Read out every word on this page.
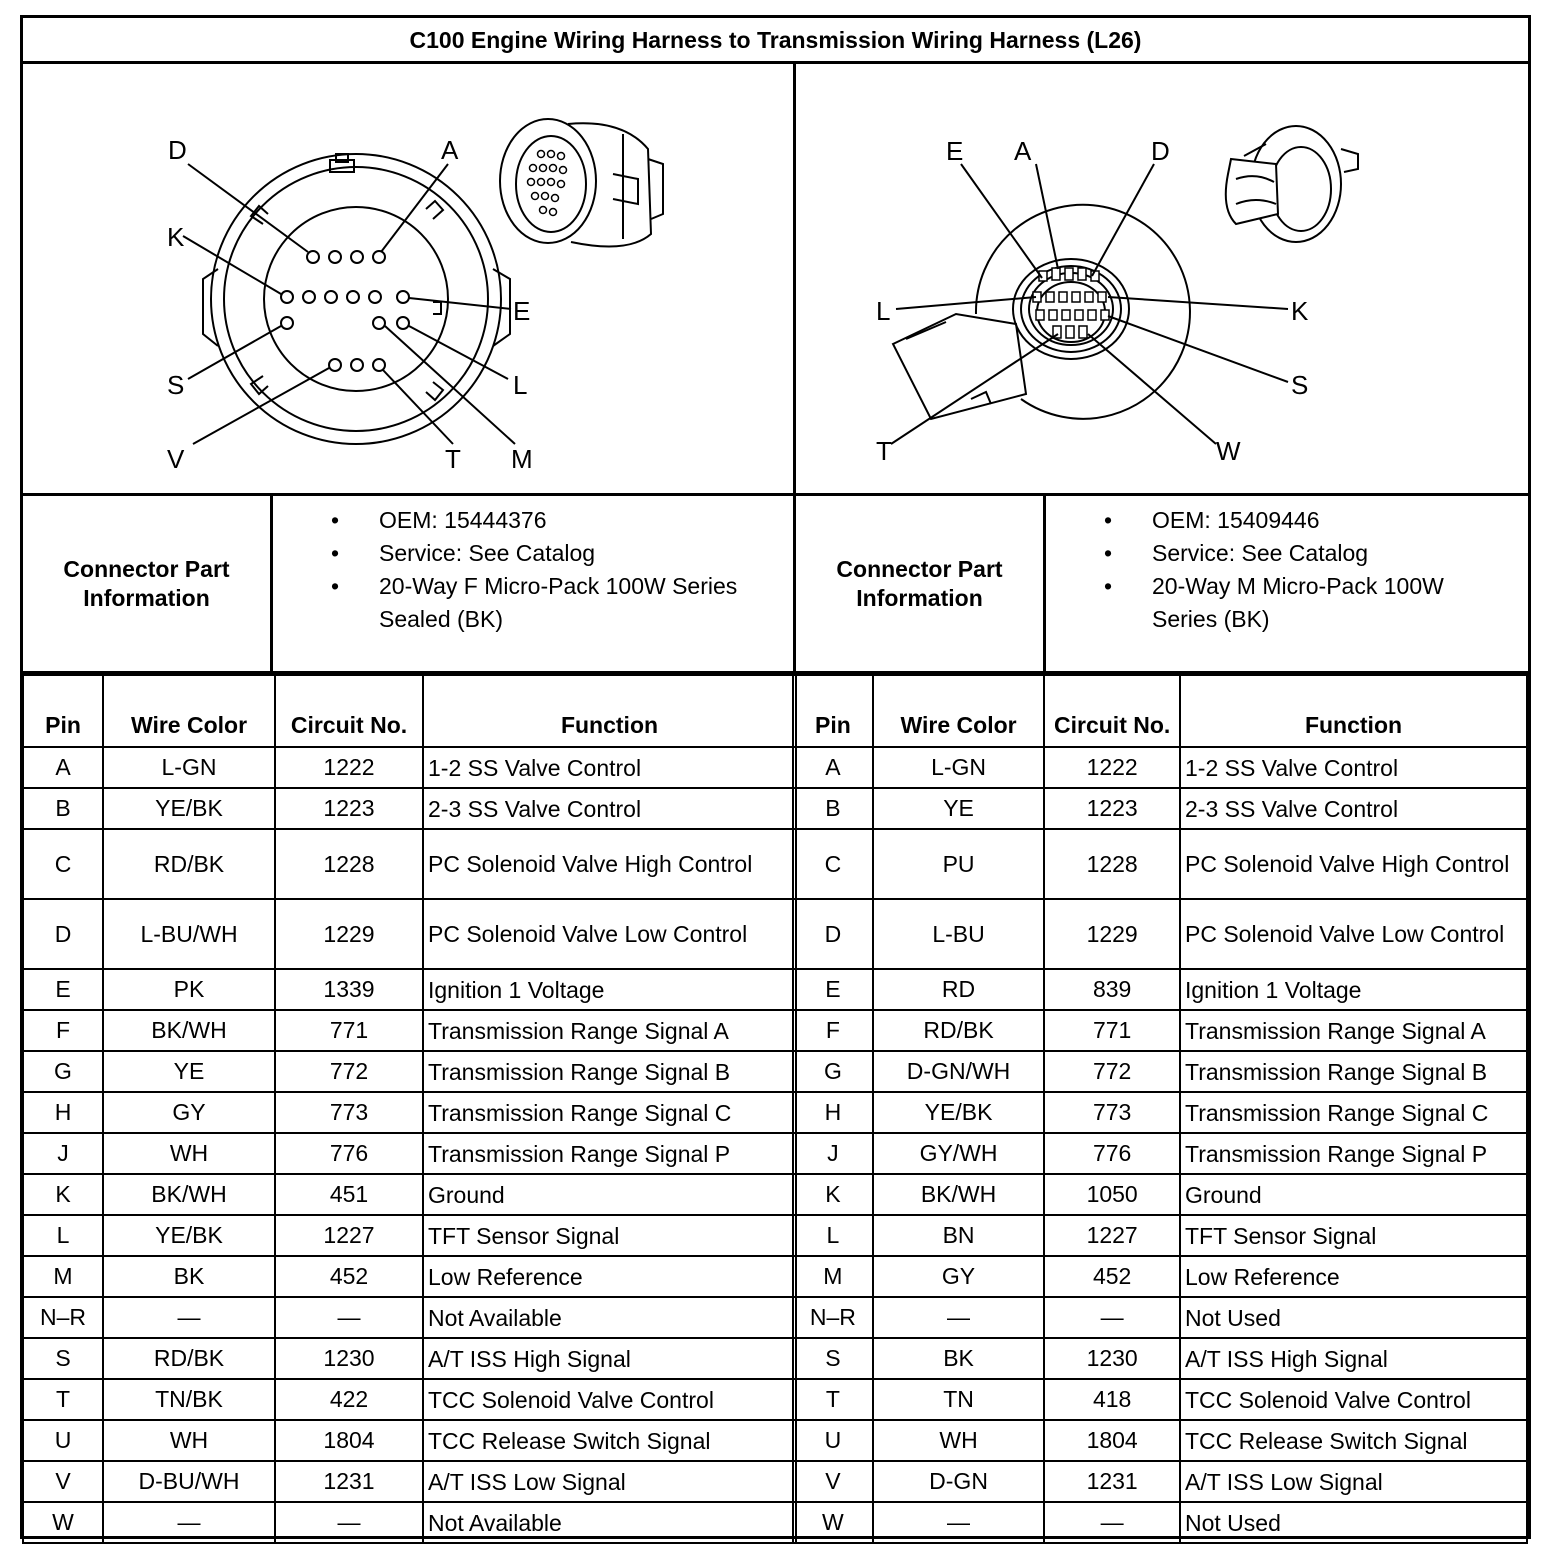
C100 Engine Wiring Harness to Transmission Wiring Harness (L26)
D	A
K
E
S	L
V	T M
E A	D
L	K
S
T	W
Connector Part Information
• OEM: 15444376
• Service: See Catalog
• 20-Way F Micro-Pack 100W Series Sealed (BK)
Connector Part Information
• OEM: 15409446
• Service: See Catalog
• 20-Way M Micro-Pack 100W Series (BK)
Pin	Wire Color	Circuit No.	Function
A	L-GN	1222	1-2 SS Valve Control
B	YE/BK	1223	2-3 SS Valve Control
C	RD/BK	1228	PC Solenoid Valve High Control
D	L-BU/WH	1229	PC Solenoid Valve Low Control
E	PK	1339	Ignition 1 Voltage
F	BK/WH	771	Transmission Range Signal A
G	YE	772	Transmission Range Signal B
H	GY	773	Transmission Range Signal C
J	WH	776	Transmission Range Signal P
K	BK/WH	451	Ground
L	YE/BK	1227	TFT Sensor Signal
M	BK	452	Low Reference
N–R	—	—	Not Available
S	RD/BK	1230	A/T ISS High Signal
T	TN/BK	422	TCC Solenoid Valve Control
U	WH	1804	TCC Release Switch Signal
V	D-BU/WH	1231	A/T ISS Low Signal
W	—	—	Not Available
Pin	Wire Color	Circuit No.	Function
A	L-GN	1222	1-2 SS Valve Control
B	YE	1223	2-3 SS Valve Control
C	PU	1228	PC Solenoid Valve High Control
D	L-BU	1229	PC Solenoid Valve Low Control
E	RD	839	Ignition 1 Voltage
F	RD/BK	771	Transmission Range Signal A
G	D-GN/WH	772	Transmission Range Signal B
H	YE/BK	773	Transmission Range Signal C
J	GY/WH	776	Transmission Range Signal P
K	BK/WH	1050	Ground
L	BN	1227	TFT Sensor Signal
M	GY	452	Low Reference
N–R	—	—	Not Used
S	BK	1230	A/T ISS High Signal
T	TN	418	TCC Solenoid Valve Control
U	WH	1804	TCC Release Switch Signal
V	D-GN	1231	A/T ISS Low Signal
W	—	—	Not Used
